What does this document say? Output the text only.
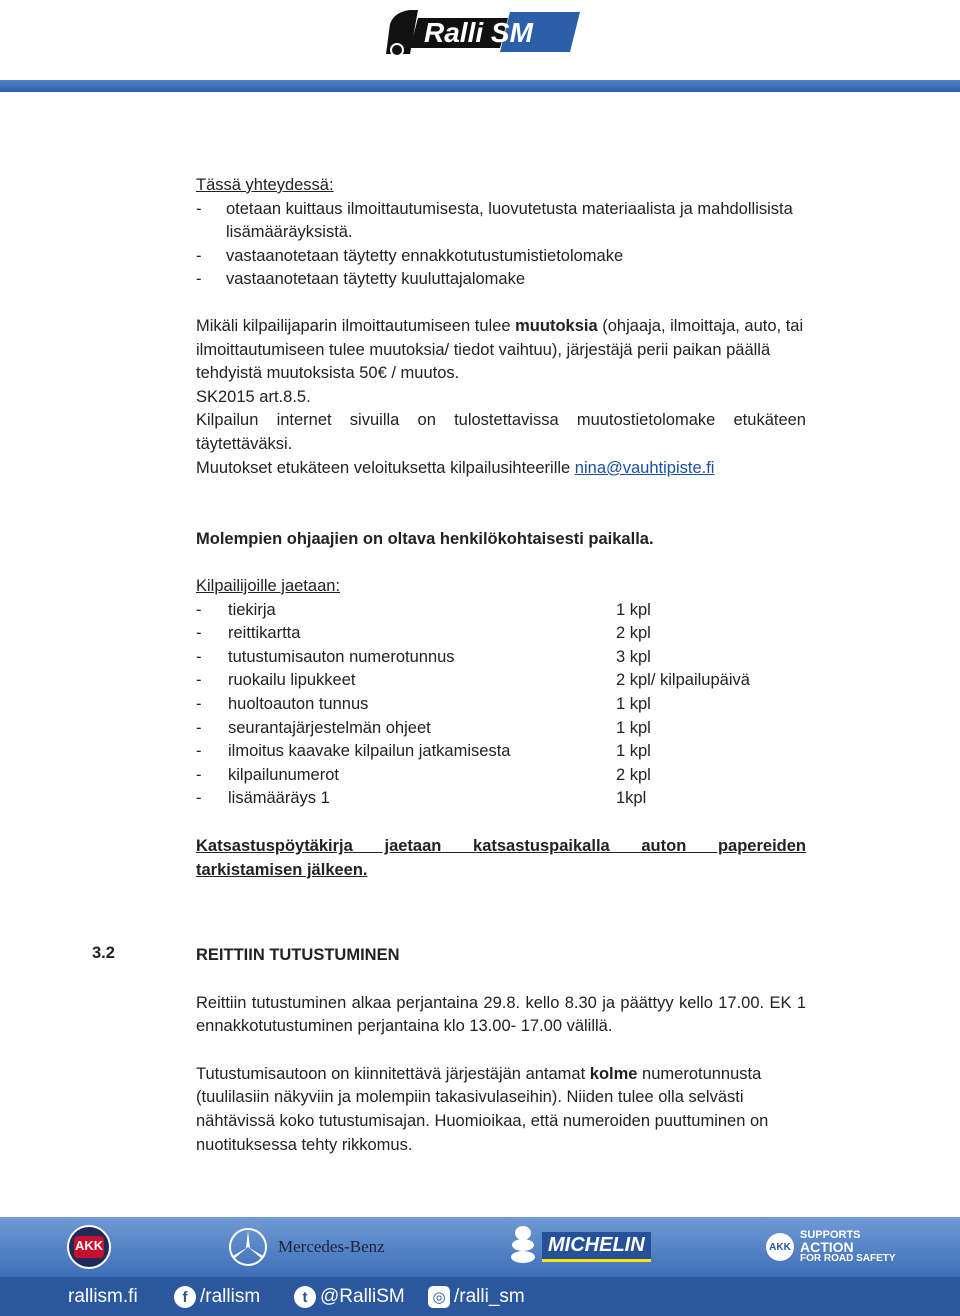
Ralli SM

Tässä yhteydessä:

-	otetaan kuittaus ilmoittautumisesta, luovutetusta materiaalista ja mahdollisista lisämääräyksistä.
-	vastaanotetaan täytetty ennakkotutustumistietolomake
-	vastaanotetaan täytetty kuuluttajalomake

Mikäli kilpailijaparin ilmoittautumiseen tulee muutoksia (ohjaaja, ilmoittaja, auto, tai ilmoittautumiseen tulee muutoksia/ tiedot vaihtuu), järjestäjä perii paikan päällä tehdyistä muutoksista 50€ / muutos.

SK2015 art.8.5.

Kilpailun internet sivuilla on tulostettavissa muutostietolomake etukäteen täytettäväksi.

Muutokset etukäteen veloituksetta kilpailusihteerille nina@vauhtipiste.fi

Molempien ohjaajien on oltava henkilökohtaisesti paikalla.

Kilpailijoille jaetaan:

-	tiekirja	1 kpl
-	reittikartta	2 kpl
-	tutustumisauton numerotunnus	3 kpl
-	ruokailu lipukkeet	2 kpl/ kilpailupäivä
-	huoltoauton tunnus	1 kpl
-	seurantajärjestelmän ohjeet	1 kpl
-	ilmoitus kaavake kilpailun jatkamisesta	1 kpl
-	kilpailunumerot	2 kpl
-	lisämääräys 1	1kpl

Katsastuspöytäkirja jaetaan katsastuspaikalla auton papereiden

tarkistamisen jälkeen.

3.2	REITTIIN TUTUSTUMINEN

Reittiin tutustuminen alkaa perjantaina 29.8. kello 8.30 ja päättyy kello 17.00. EK 1 ennakkotutustuminen perjantaina klo 13.00- 17.00 välillä.

Tutustumisautoon on kiinnitettävä järjestäjän antamat kolme numerotunnusta (tuulilasiin näkyviin ja molempiin takasivulaseihin). Niiden tulee olla selvästi nähtävissä koko tutustumisajan. Huomioikaa, että numeroiden puuttuminen on nuotituksessa tehty rikkomus.

AKK	Mercedes-Benz	MICHELIN	AKK
SUPPORTS
ACTION
FOR ROAD SAFETY
rallism.fi	f /rallism	t @RalliSM ◎ /ralli_sm
